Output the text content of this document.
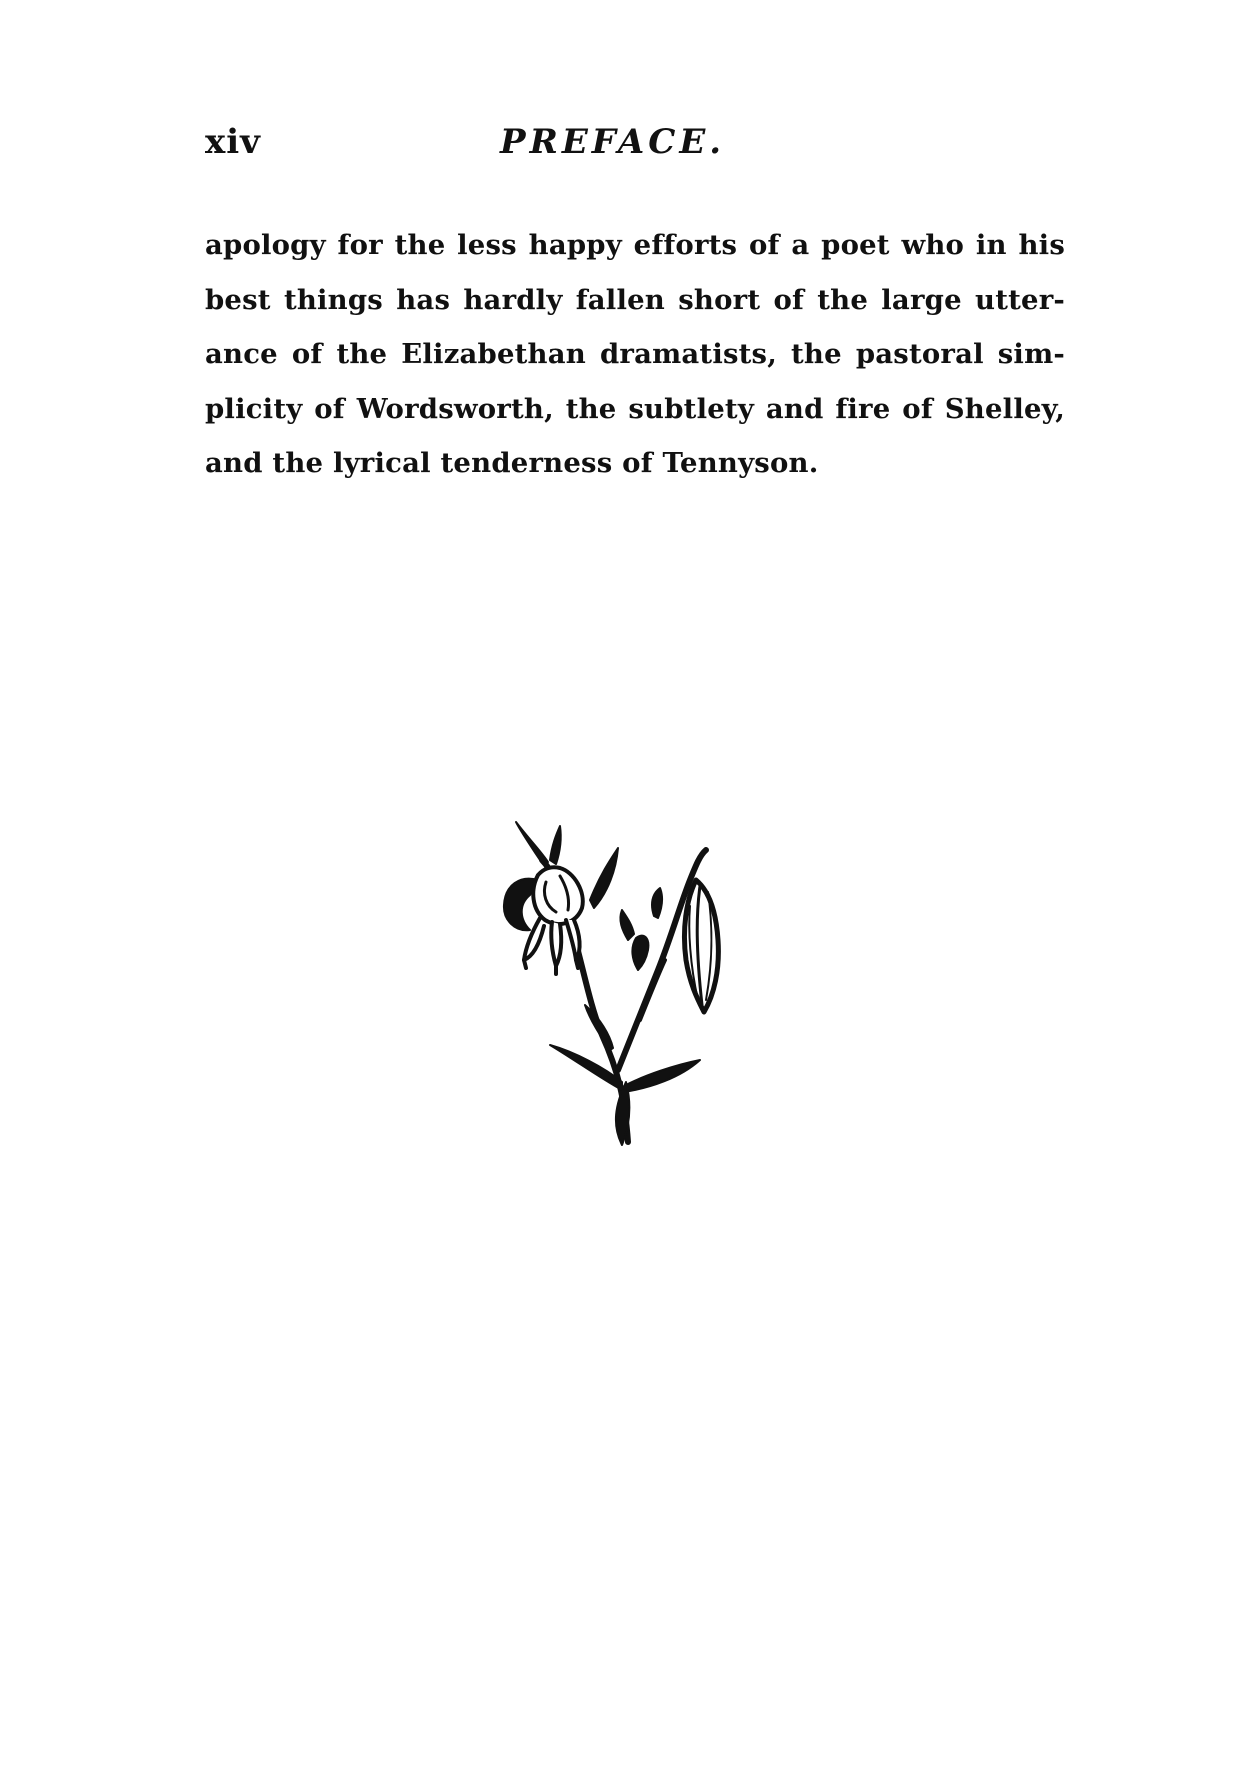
xiv	PREFACE.
apology for the less happy efforts of a poet who in his
best things has hardly fallen short of the large utter-
ance of the Elizabethan dramatists, the pastoral sim-
plicity of Wordsworth, the subtlety and fire of Shelley,
and the lyrical tenderness of Tennyson.
